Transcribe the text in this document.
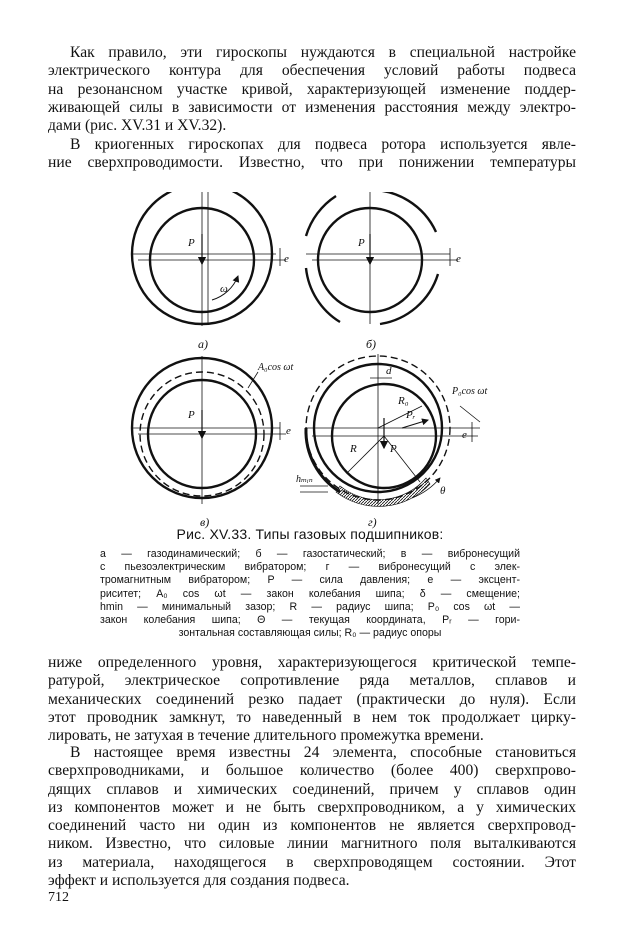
Как правило, эти гироскопы нуждаются в специальной настройке
электрического контура для обеспечения условий работы подвеса
на резонансном участке кривой, характеризующей изменение поддер-
живающей силы в зависимости от изменения расстояния между электро-
дами (рис. XV.31 и XV.32).
В криогенных гироскопах для подвеса ротора используется явле-
ние сверхпроводимости. Известно, что при понижении температуры
P
ω
e
а)
P
e
б)
A₀cos ωt
P
e
в)
d
R₀
Pᵣ
P₀cos ωt
R	P
e
hₘᵢₙ
θ
г)
Рис. XV.33. Типы газовых подшипников:
а — газодинамический; б — газостатический; в — вибронесущий
с пьезоэлектрическим вибратором; г — вибронесущий с элек-
тромагнитным вибратором; P — сила давления; e — эксцент-
риситет; A₀ cos ωt — закон колебания шипа; δ — смещение;
hmin — минимальный зазор; R — радиус шипа; P₀ cos ωt —
закон колебания шипа; Θ — текущая координата, Pᵣ — гори-
зонтальная составляющая силы; R₀ — радиус опоры
ниже определенного уровня, характеризующегося критической темпе-
ратурой, электрическое сопротивление ряда металлов, сплавов и
механических соединений резко падает (практически до нуля). Если
этот проводник замкнут, то наведенный в нем ток продолжает цирку-
лировать, не затухая в течение длительного промежутка времени.
В настоящее время известны 24 элемента, способные становиться
сверхпроводниками, и большое количество (более 400) сверхпрово-
дящих сплавов и химических соединений, причем у сплавов один
из компонентов может и не быть сверхпроводником, а у химических
соединений часто ни один из компонентов не является сверхпровод-
ником. Известно, что силовые линии магнитного поля выталкиваются
из материала, находящегося в сверхпроводящем состоянии. Этот
эффект и используется для создания подвеса.
712
